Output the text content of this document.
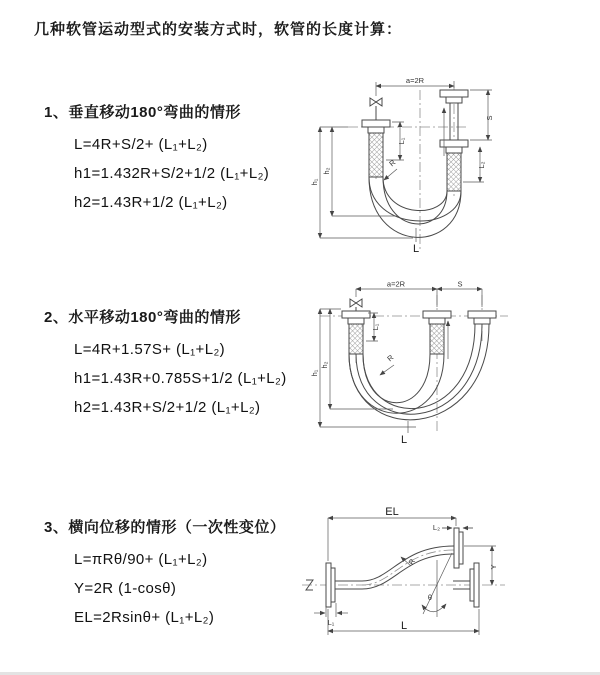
几种软管运动型式的安装方式时，软管的长度计算：
1、垂直移动180°弯曲的情形
L=4R+S/2+ (L₁+L₂)
h1=1.432R+S/2+1/2 (L₁+L₂)
h2=1.43R+1/2 (L₁+L₂)
2、水平移动180°弯曲的情形
L=4R+1.57S+ (L₁+L₂)
h1=1.43R+0.785S+1/2 (L₁+L₂)
h2=1.43R+S/2+1/2 (L₁+L₂)
3、横向位移的情形（一次性变位）
L=πRθ/90+ (L₁+L₂)
Y=2R (1-cosθ)
EL=2Rsinθ+ (L₁+L₂)
a=2R
S
L₁
L₂
h₁
h₂
R
L
a=2R	S
L₁
h₁
h₂
R
L
θ
EL
L₂
Y
L₁	L
R
